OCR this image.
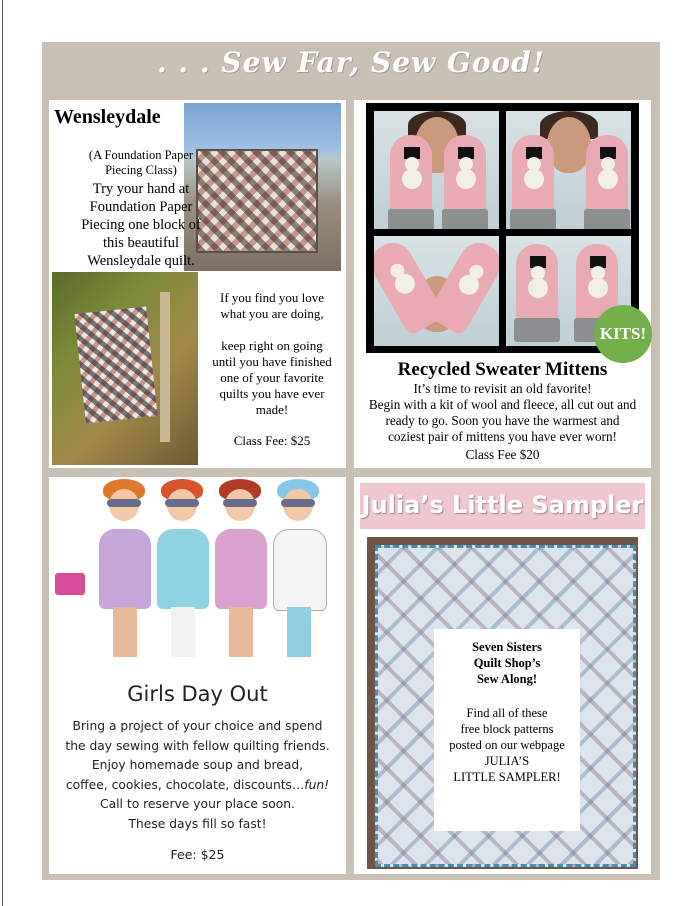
. . . Sew Far, Sew Good!
Wensleydale
(A Foundation Paper
Piecing Class)
Try your hand at
Foundation Paper
Piecing one block of
this beautiful
Wensleydale quilt.
If you find you love
what you are doing,
keep right on going
until you have finished
one of your favorite
quilts you have ever
made!
Class Fee: $25
KITS!
Recycled Sweater Mittens
It’s time to revisit an old favorite!
Begin with a kit of wool and fleece, all cut out and
ready to go. Soon you have the warmest and
coziest pair of mittens you have ever worn!
Class Fee $20
Girls Day Out
Bring a project of your choice and spend
the day sewing with fellow quilting friends.
Enjoy homemade soup and bread,
coffee, cookies, chocolate, discounts…fun!
Call to reserve your place soon.
These days fill so fast!
Fee: $25
Julia’s Little Sampler
Seven Sisters
Quilt Shop’s
Sew Along!
Find all of these
free block patterns
posted on our webpage
JULIA’S
LITTLE SAMPLER!
